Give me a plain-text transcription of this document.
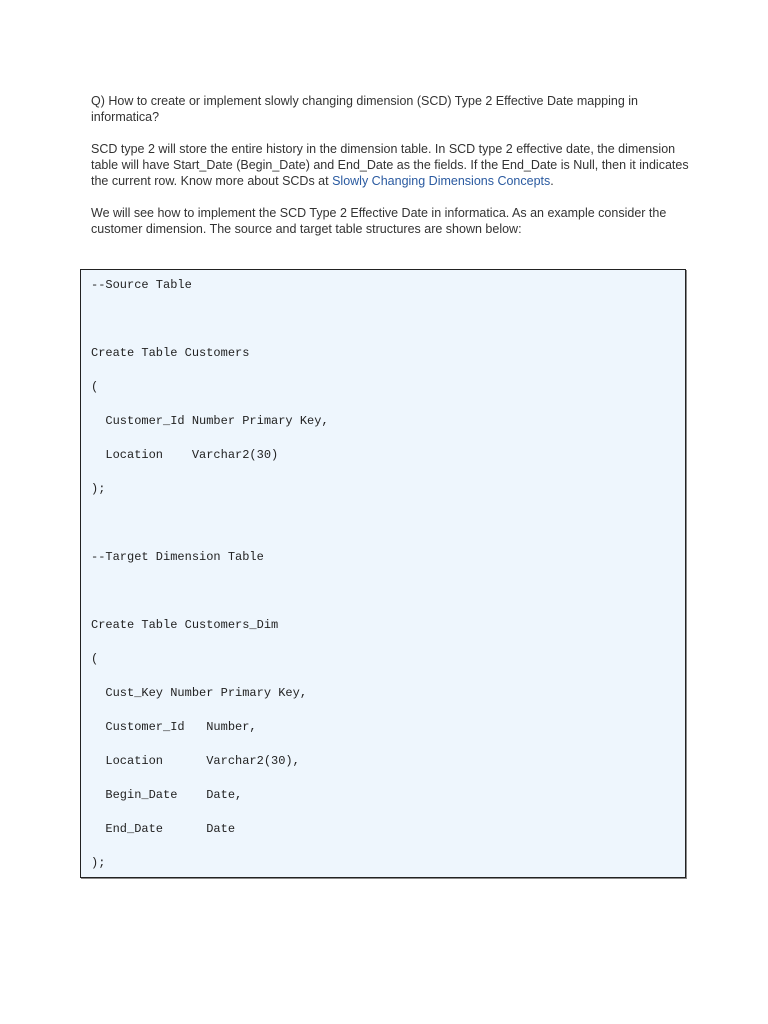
Q) How to create or implement slowly changing dimension (SCD) Type 2 Effective Date mapping in informatica?

SCD type 2 will store the entire history in the dimension table. In SCD type 2 effective date, the dimension table will have Start_Date (Begin_Date) and End_Date as the fields. If the End_Date is Null, then it indicates the current row. Know more about SCDs at Slowly Changing Dimensions Concepts.

We will see how to implement the SCD Type 2 Effective Date in informatica. As an example consider the customer dimension. The source and target table structures are shown below:

--Source Table
Create Table Customers
(
Customer_Id Number Primary Key,
Location    Varchar2(30)
);
--Target Dimension Table
Create Table Customers_Dim
(
Cust_Key Number Primary Key,
Customer_Id   Number,
Location      Varchar2(30),
Begin_Date    Date,
End_Date      Date
);
